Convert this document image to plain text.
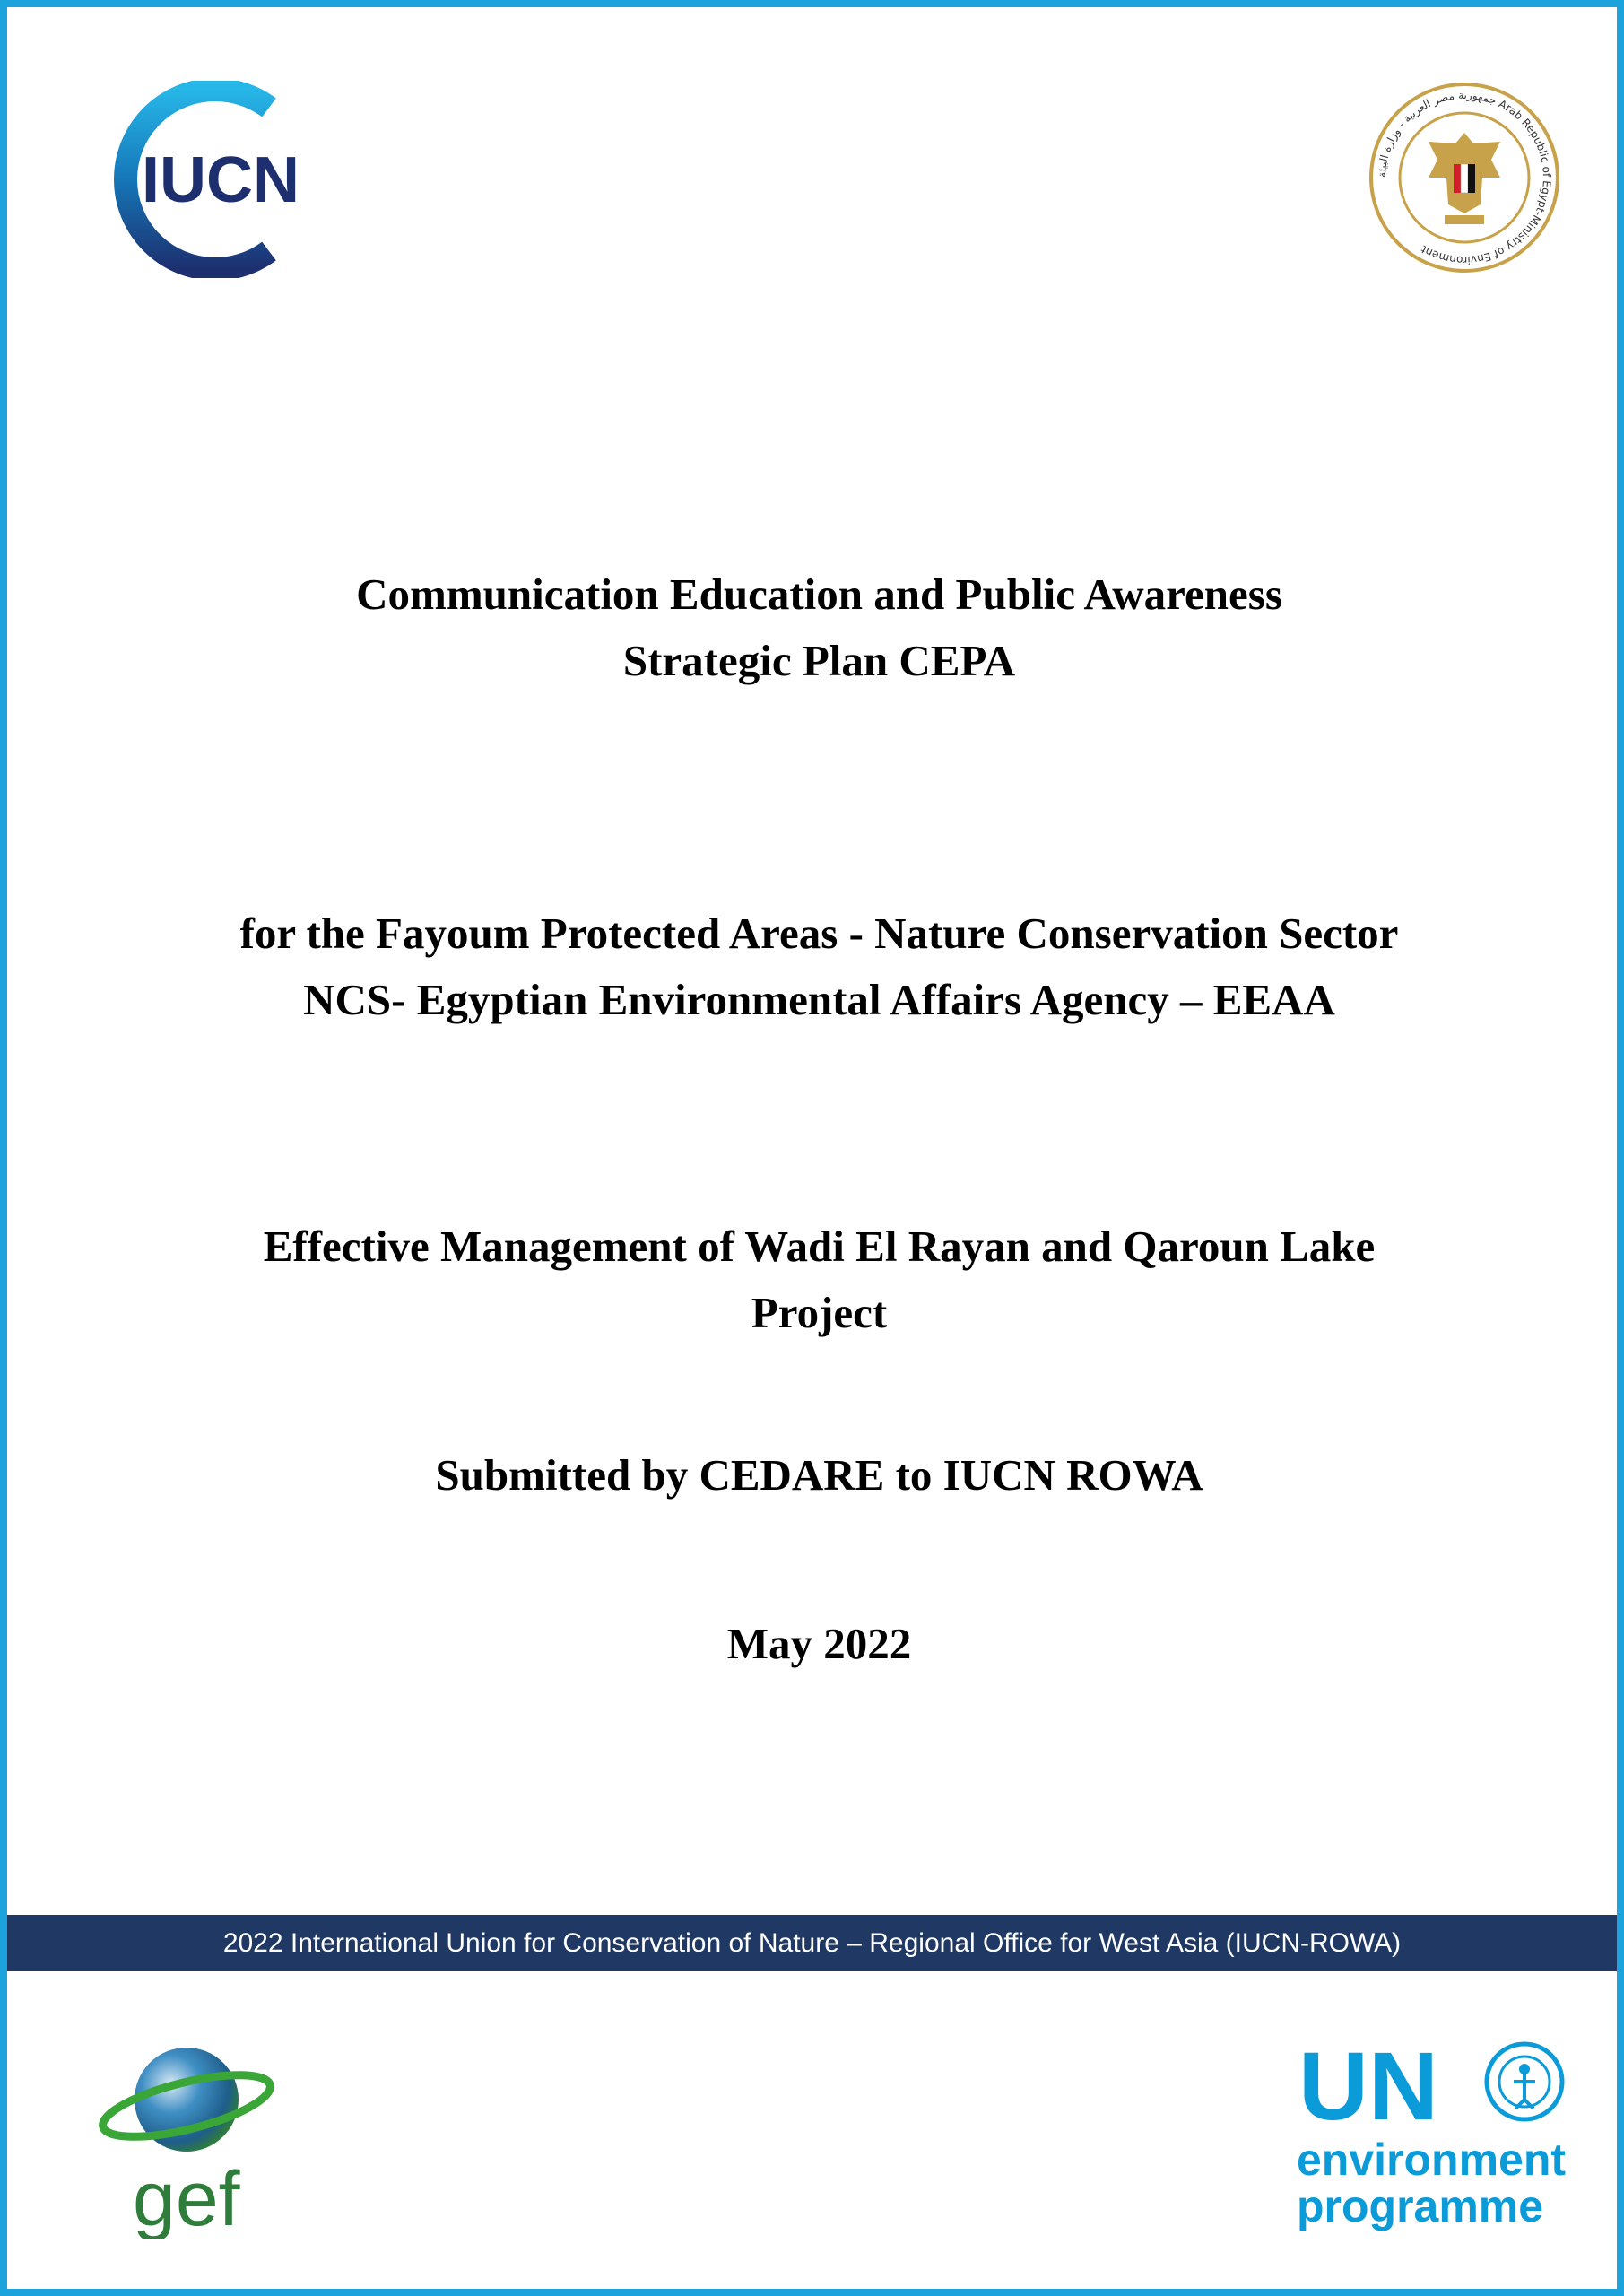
IUCN	جمهورية مصر العربية - وزارة البيئة Arab Republic of Egypt-Ministry of Environment
Communication Education and Public Awareness
Strategic Plan CEPA
for the Fayoum Protected Areas - Nature Conservation Sector
NCS- Egyptian Environmental Affairs Agency – EEAA
Effective Management of Wadi El Rayan and Qaroun Lake
Project
Submitted by CEDARE to IUCN ROWA
May 2022
gef
UN
environment
programme
2022 International Union for Conservation of Nature – Regional Office for West Asia (IUCN-ROWA)
